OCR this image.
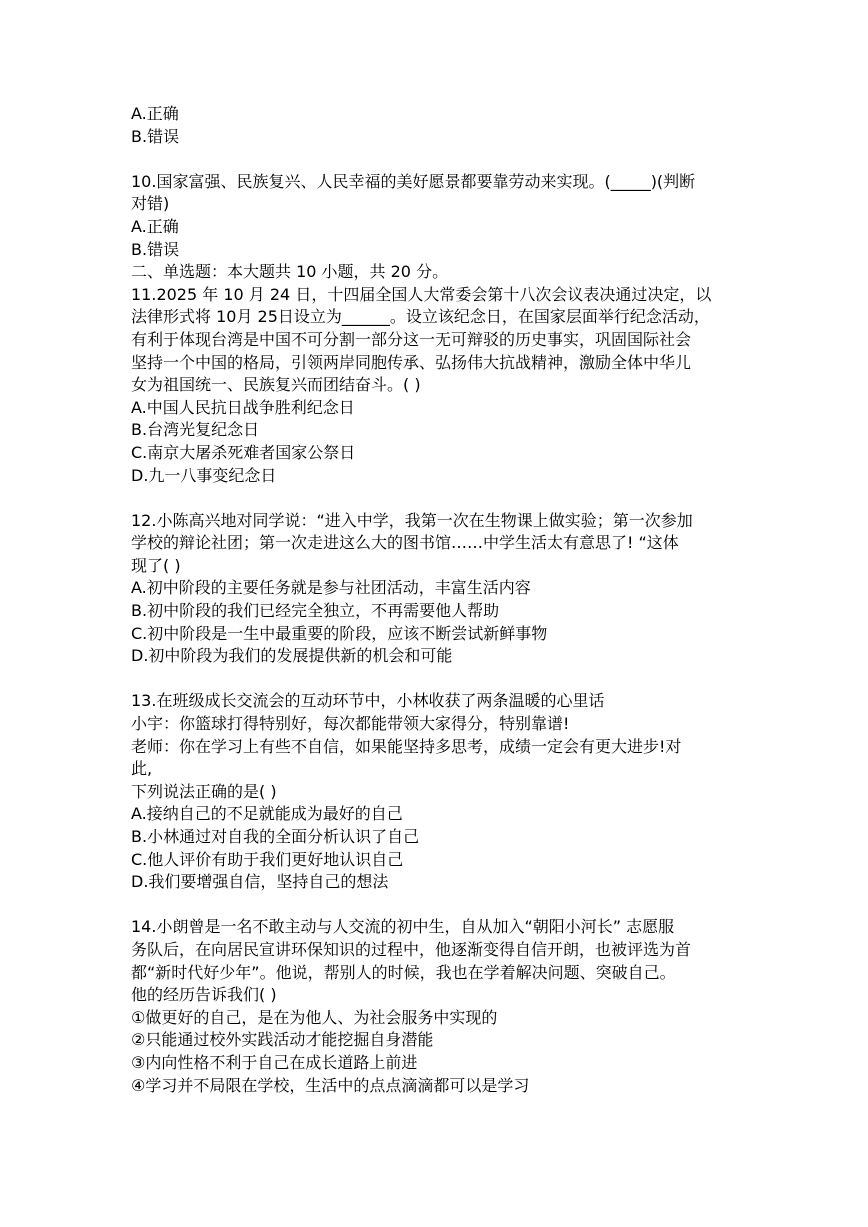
A.正确

B.错误

10.国家富强、民族复兴、人民幸福的美好愿景都要靠劳动来实现。(_____)(判断

对错)

A.正确

B.错误

二、单选题：本大题共 10 小题，共 20 分。

11.2025 年 10 月 24 日，十四届全国人大常委会第十八次会议表决通过决定，以

法律形式将 10月 25日设立为______。设立该纪念日，在国家层面举行纪念活动，

有利于体现台湾是中国不可分割一部分这一无可辩驳的历史事实，巩固国际社会

坚持一个中国的格局，引领两岸同胞传承、弘扬伟大抗战精神，激励全体中华儿

女为祖国统一、民族复兴而团结奋斗。( )

A.中国人民抗日战争胜利纪念日

B.台湾光复纪念日

C.南京大屠杀死难者国家公祭日

D.九一八事变纪念日

12.小陈高兴地对同学说：“进入中学，我第一次在生物课上做实验；第一次参加

学校的辩论社团；第一次走进这么大的图书馆……中学生活太有意思了! “这体

现了( )

A.初中阶段的主要任务就是参与社团活动，丰富生活内容

B.初中阶段的我们已经完全独立，不再需要他人帮助

C.初中阶段是一生中最重要的阶段，应该不断尝试新鲜事物

D.初中阶段为我们的发展提供新的机会和可能

13.在班级成长交流会的互动环节中，小林收获了两条温暖的心里话

小宇：你篮球打得特别好，每次都能带领大家得分，特别靠谱!

老师：你在学习上有些不自信，如果能坚持多思考，成绩一定会有更大进步!对

此,

下列说法正确的是( )

A.接纳自己的不足就能成为最好的自己

B.小林通过对自我的全面分析认识了自己

C.他人评价有助于我们更好地认识自己

D.我们要增强自信，坚持自己的想法

14.小朗曾是一名不敢主动与人交流的初中生，自从加入“朝阳小河长” 志愿服

务队后，在向居民宣讲环保知识的过程中，他逐渐变得自信开朗，也被评选为首

都“新时代好少年”。他说，帮别人的时候，我也在学着解决问题、突破自己。

他的经历告诉我们( )

①做更好的自己，是在为他人、为社会服务中实现的

②只能通过校外实践活动才能挖掘自身潜能

③内向性格不利于自己在成长道路上前进

④学习并不局限在学校，生活中的点点滴滴都可以是学习
